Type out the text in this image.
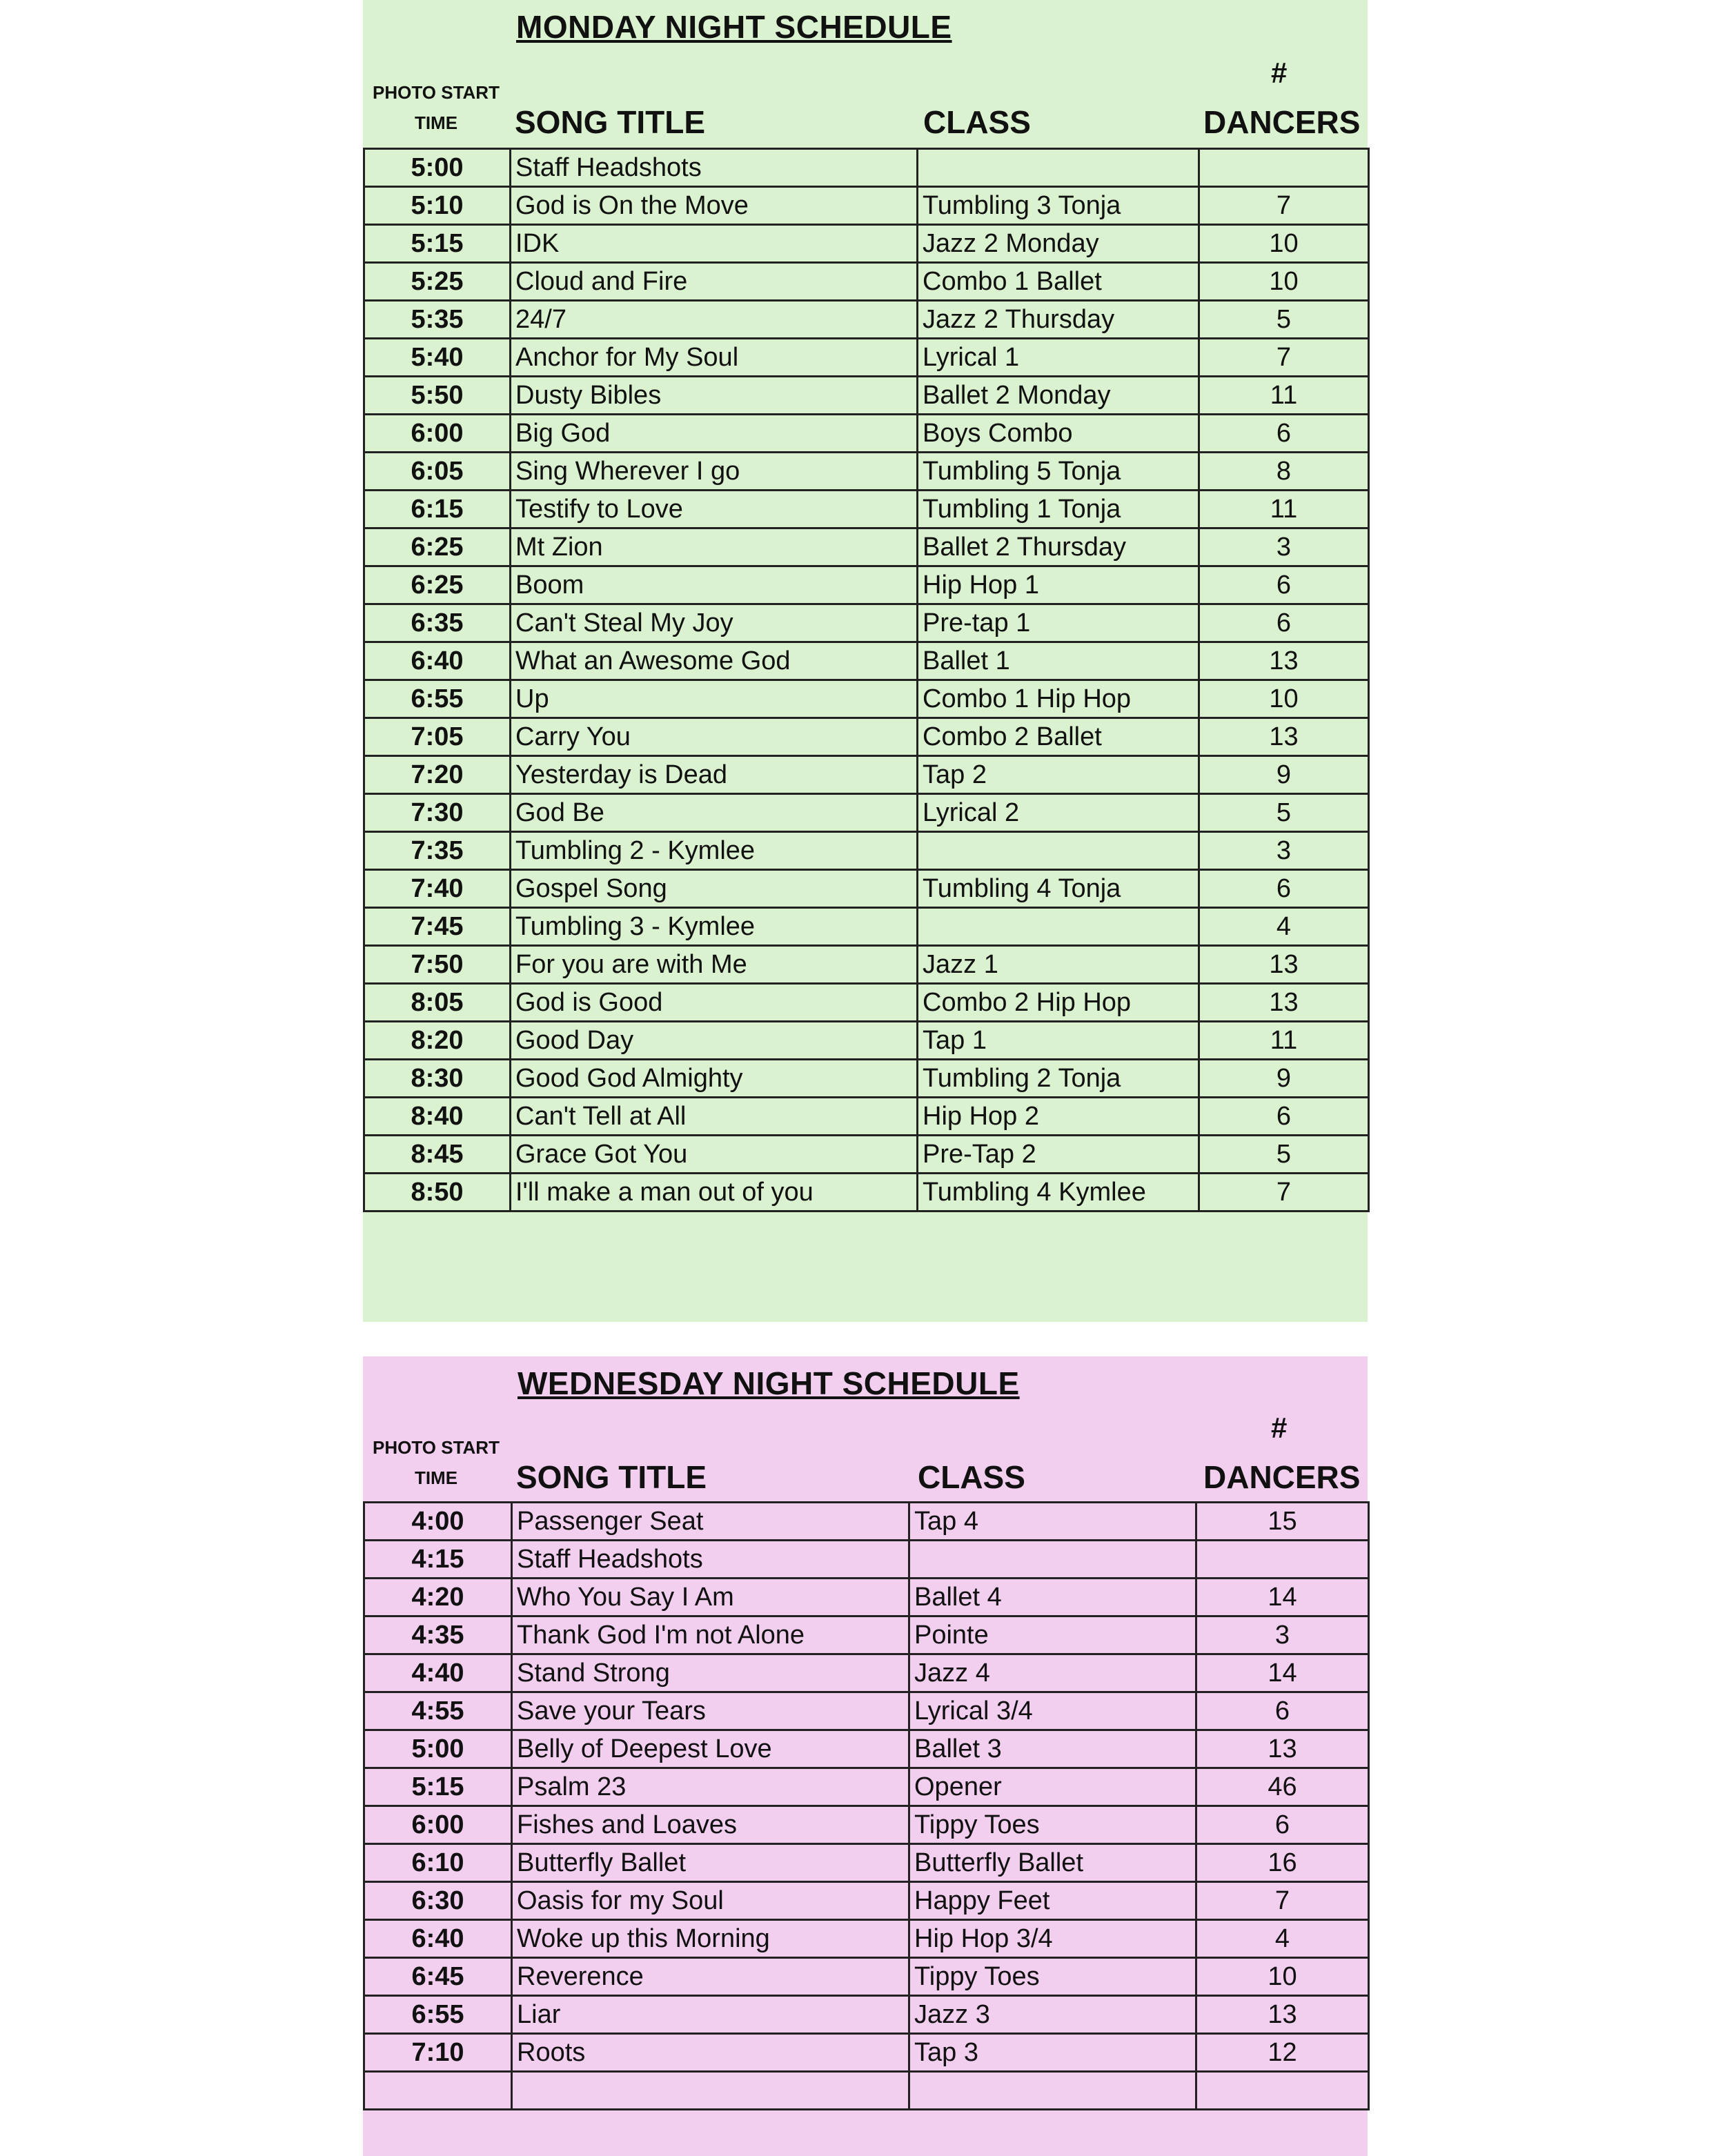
MONDAY NIGHT SCHEDULE
PHOTO START
TIME	SONG TITLE	CLASS
#
DANCERS
5:00	Staff Headshots		
5:10	God is On the Move	Tumbling 3 Tonja	7
5:15	IDK	Jazz 2 Monday	10
5:25	Cloud and Fire	Combo 1 Ballet	10
5:35	24/7	Jazz 2 Thursday	5
5:40	Anchor for My Soul	Lyrical 1	7
5:50	Dusty Bibles	Ballet 2 Monday	11
6:00	Big God	Boys Combo	6
6:05	Sing Wherever I go	Tumbling 5 Tonja	8
6:15	Testify to Love	Tumbling 1 Tonja	11
6:25	Mt Zion	Ballet 2 Thursday	3
6:25	Boom	Hip Hop 1	6
6:35	Can't Steal My Joy	Pre-tap 1	6
6:40	What an Awesome God	Ballet 1	13
6:55	Up	Combo 1 Hip Hop	10
7:05	Carry You	Combo 2 Ballet	13
7:20	Yesterday is Dead	Tap 2	9
7:30	God Be	Lyrical 2	5
7:35	Tumbling 2 - Kymlee		3
7:40	Gospel Song	Tumbling 4 Tonja	6
7:45	Tumbling 3 - Kymlee		4
7:50	For you are with Me	Jazz 1	13
8:05	God is Good	Combo 2 Hip Hop	13
8:20	Good Day	Tap 1	11
8:30	Good God Almighty	Tumbling 2 Tonja	9
8:40	Can't Tell at All	Hip Hop 2	6
8:45	Grace Got You	Pre-Tap 2	5
8:50	I'll make a man out of you	Tumbling 4 Kymlee	7
WEDNESDAY NIGHT SCHEDULE
PHOTO START
TIME	SONG TITLE	CLASS
#
DANCERS
4:00	Passenger Seat	Tap 4	15
4:15	Staff Headshots		
4:20	Who You Say I Am	Ballet 4	14
4:35	Thank God I'm not Alone	Pointe	3
4:40	Stand Strong	Jazz 4	14
4:55	Save your Tears	Lyrical 3/4	6
5:00	Belly of Deepest Love	Ballet 3	13
5:15	Psalm 23	Opener	46
6:00	Fishes and Loaves	Tippy Toes	6
6:10	Butterfly Ballet	Butterfly Ballet	16
6:30	Oasis for my Soul	Happy Feet	7
6:40	Woke up this Morning	Hip Hop 3/4	4
6:45	Reverence	Tippy Toes	10
6:55	Liar	Jazz 3	13
7:10	Roots	Tap 3	12
